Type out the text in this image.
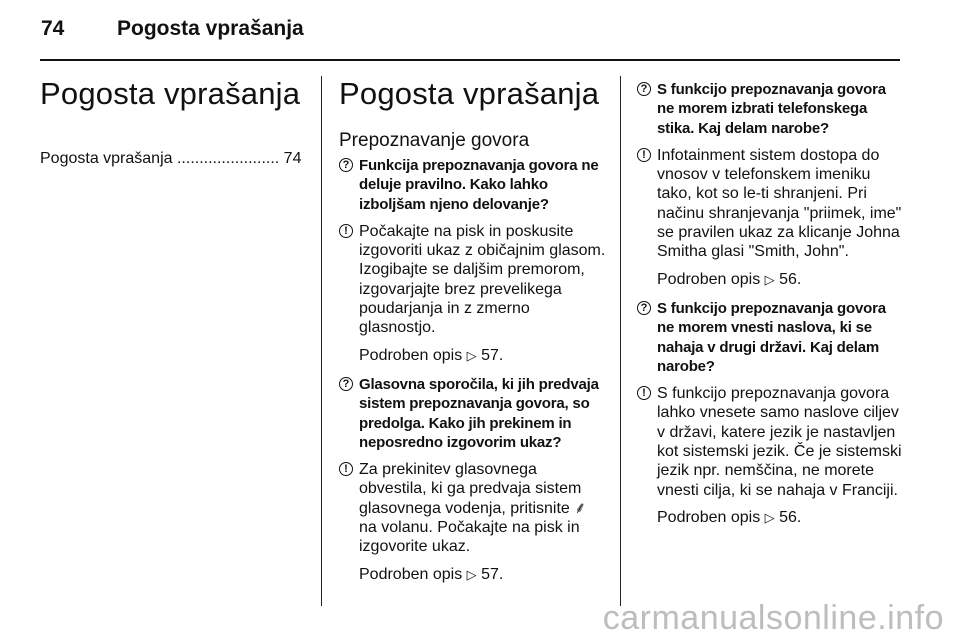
74	Pogosta vprašanja
Pogosta vprašanja
Pogosta vprašanja ....................... 74
Pogosta vprašanja
Prepoznavanje govora
? Funkcija prepoznavanja govora ne deluje pravilno. Kako lahko izboljšam njeno delovanje?
! Počakajte na pisk in poskusite izgovoriti ukaz z običajnim glasom. Izogibajte se daljšim premorom, izgovarjajte brez prevelikega poudarjanja in z zmerno glasnostjo.
Podroben opis ▷ 57.
? Glasovna sporočila, ki jih predvaja sistem prepoznavanja govora, so predolga. Kako jih prekinem in neposredno izgovorim ukaz?
! Za prekinitev glasovnega obvestila, ki ga predvaja sistem glasovnega vodenja, pritisnite ⸙ na volanu. Počakajte na pisk in izgovorite ukaz.
Podroben opis ▷ 57.
? S funkcijo prepoznavanja govora ne morem izbrati telefonskega stika. Kaj delam narobe?
! Infotainment sistem dostopa do vnosov v telefonskem imeniku tako, kot so le-ti shranjeni. Pri načinu shranjevanja "priimek, ime" se pravilen ukaz za klicanje Johna Smitha glasi "Smith, John".
Podroben opis ▷ 56.
? S funkcijo prepoznavanja govora ne morem vnesti naslova, ki se nahaja v drugi državi. Kaj delam narobe?
! S funkcijo prepoznavanja govora lahko vnesete samo naslove ciljev v državi, katere jezik je nastavljen kot sistemski jezik. Če je sistemski jezik npr. nemščina, ne morete vnesti cilja, ki se nahaja v Franciji.
Podroben opis ▷ 56.
carmanualsonline.info
